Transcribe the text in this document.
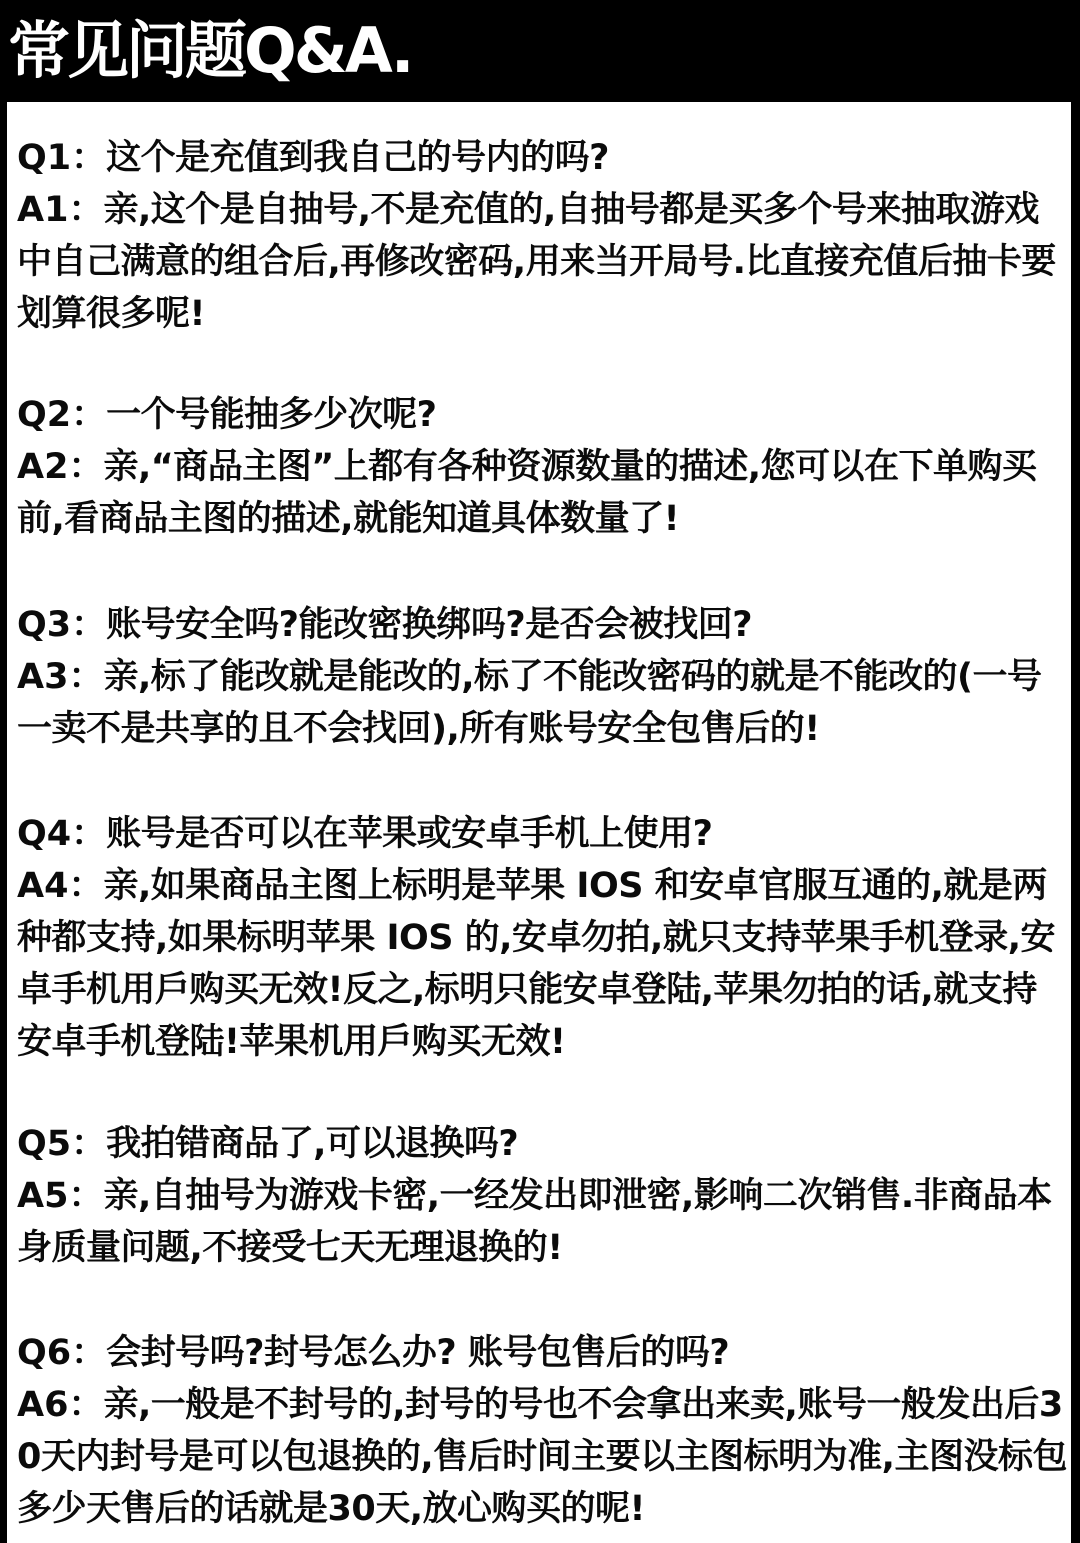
常见问题Q&A.
Q1：这个是充值到我自己的号内的吗?
A1：亲,这个是自抽号,不是充值的,自抽号都是买多个号来抽取游戏中自己满意的组合后,再修改密码,用来当开局号.比直接充值后抽卡要划算很多呢!
Q2：一个号能抽多少次呢?
A2：亲,“商品主图”上都有各种资源数量的描述,您可以在下单购买前,看商品主图的描述,就能知道具体数量了!
Q3：账号安全吗?能改密换绑吗?是否会被找回?
A3：亲,标了能改就是能改的,标了不能改密码的就是不能改的(一号一卖不是共享的且不会找回),所有账号安全包售后的!
Q4：账号是否可以在苹果或安卓手机上使用?
A4：亲,如果商品主图上标明是苹果 IOS 和安卓官服互通的,就是两种都支持,如果标明苹果 IOS 的,安卓勿拍,就只支持苹果手机登录,安卓手机用戶购买无效!反之,标明只能安卓登陆,苹果勿拍的话,就支持安卓手机登陆!苹果机用戶购买无效!
Q5：我拍错商品了,可以退换吗?
A5：亲,自抽号为游戏卡密,一经发出即泄密,影响二次销售.非商品本身质量问题,不接受七天无理退换的!
Q6：会封号吗?封号怎么办? 账号包售后的吗?
A6：亲,一般是不封号的,封号的号也不会拿出来卖,账号一般发出后30天内封号是可以包退换的,售后时间主要以主图标明为准,主图没标包多少天售后的话就是30天,放心购买的呢!
